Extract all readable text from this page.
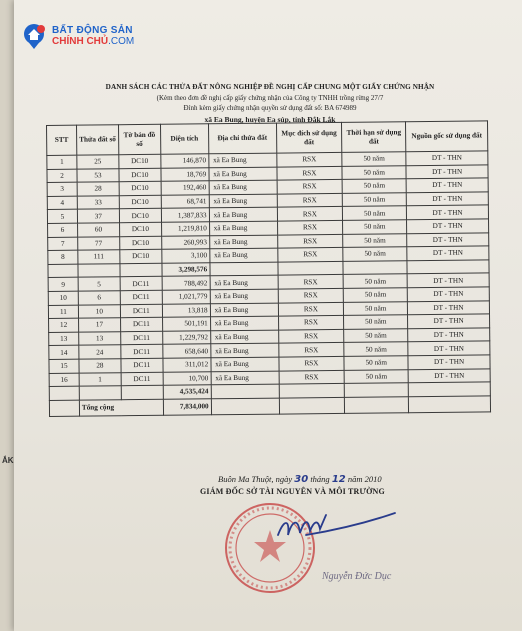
ẮK
BẤT ĐỘNG SẢN
CHÍNH CHỦ.COM
DANH SÁCH CÁC THỬA ĐẤT NÔNG NGHIỆP ĐỀ NGHỊ CẤP CHUNG MỘT GIẤY CHỨNG NHẬN
(Kèm theo đơn đề nghị cấp giấy chứng nhận của Công ty TNHH trồng rừng 27/7
Đính kèm giấy chứng nhận quyền sử dụng đất số: BA 674989
xã Ea Bung, huyện Ea súp, tỉnh Đắk Lắk
STT	Thửa đất số	Tờ bản đồ số	Diện tích	Địa chỉ thửa đất	Mục đích sử dụng đất	Thời hạn sử dụng đất	Nguồn gốc sử dụng đất
1	25	DC10	146,870	xã Ea Bung	RSX	50 năm	DT - THN
2	53	DC10	18,769	xã Ea Bung	RSX	50 năm	DT - THN
3	28	DC10	192,460	xã Ea Bung	RSX	50 năm	DT - THN
4	33	DC10	68,741	xã Ea Bung	RSX	50 năm	DT - THN
5	37	DC10	1,387,833	xã Ea Bung	RSX	50 năm	DT - THN
6	60	DC10	1,219,810	xã Ea Bung	RSX	50 năm	DT - THN
7	77	DC10	260,993	xã Ea Bung	RSX	50 năm	DT - THN
8	111	DC10	3,100	xã Ea Bung	RSX	50 năm	DT - THN
			3,298,576				
9	5	DC11	788,492	xã Ea Bung	RSX	50 năm	DT - THN
10	6	DC11	1,021,779	xã Ea Bung	RSX	50 năm	DT - THN
11	10	DC11	13,818	xã Ea Bung	RSX	50 năm	DT - THN
12	17	DC11	501,191	xã Ea Bung	RSX	50 năm	DT - THN
13	13	DC11	1,229,792	xã Ea Bung	RSX	50 năm	DT - THN
14	24	DC11	658,640	xã Ea Bung	RSX	50 năm	DT - THN
15	28	DC11	311,012	xã Ea Bung	RSX	50 năm	DT - THN
16	1	DC11	10,700	xã Ea Bung	RSX	50 năm	DT - THN
			4,535,424				
	Tổng cộng		7,834,000				
Buôn Ma Thuột, ngày 30 tháng 12 năm 2010
GIÁM ĐỐC SỞ TÀI NGUYÊN VÀ MÔI TRƯỜNG
Nguyễn Đức Dục
